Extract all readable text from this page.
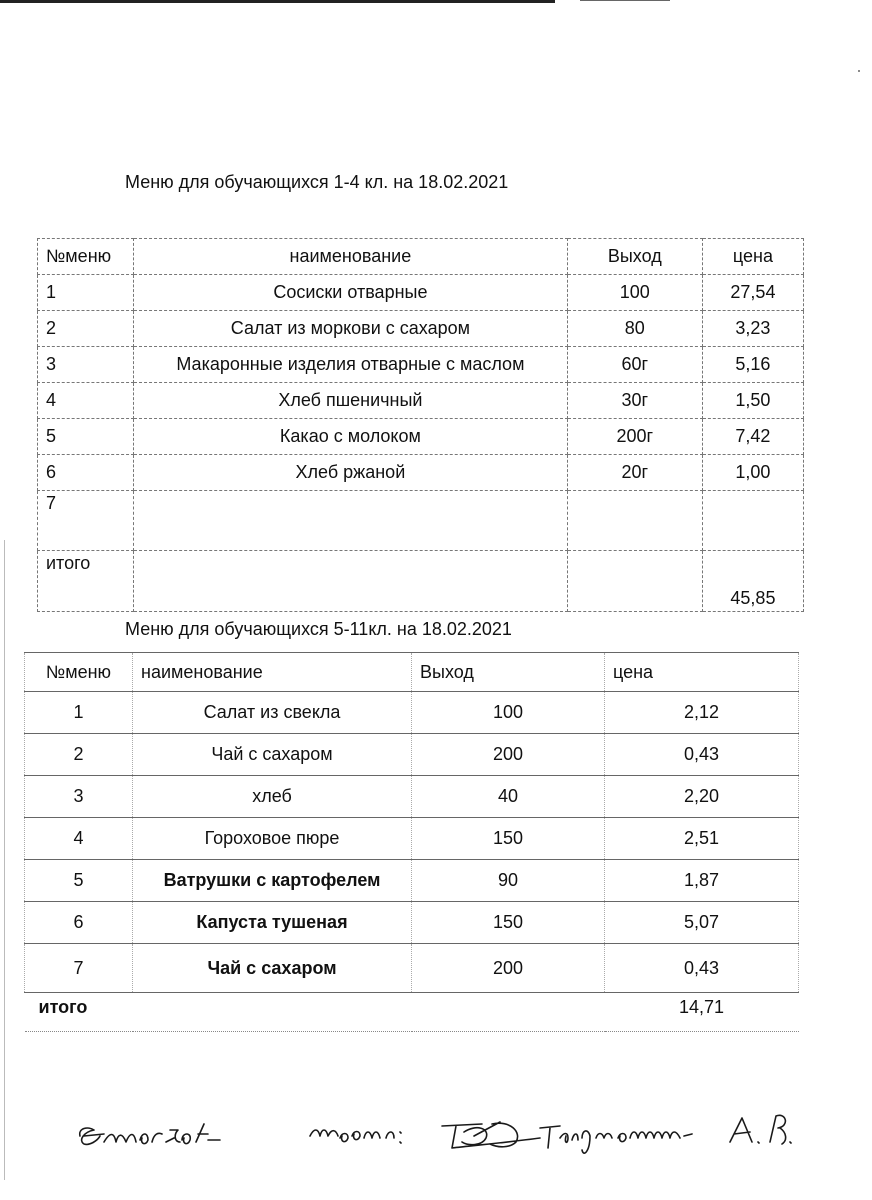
Меню для обучающихся 1-4 кл. на 18.02.2021
№меню	наименование	Выход	цена
1	Сосиски отварные	100	27,54
2	Салат из моркови с сахаром	80	3,23
3	Макаронные изделия отварные с маслом	60г	5,16
4	Хлеб пшеничный	30г	1,50
5	Какао с молоком	200г	7,42
6	Хлеб ржаной	20г	1,00
7			
итого			45,85
Меню для обучающихся 5-11кл. на 18.02.2021
№меню	наименование	Выход	цена
1	Салат из свекла	100	2,12
2	Чай с сахаром	200	0,43
3	хлеб	40	2,20
4	Гороховое пюре	150	2,51
5	Ватрушки с картофелем	90	1,87
6	Капуста тушеная	150	5,07
7	Чай с сахаром	200	0,43
итого			14,71
